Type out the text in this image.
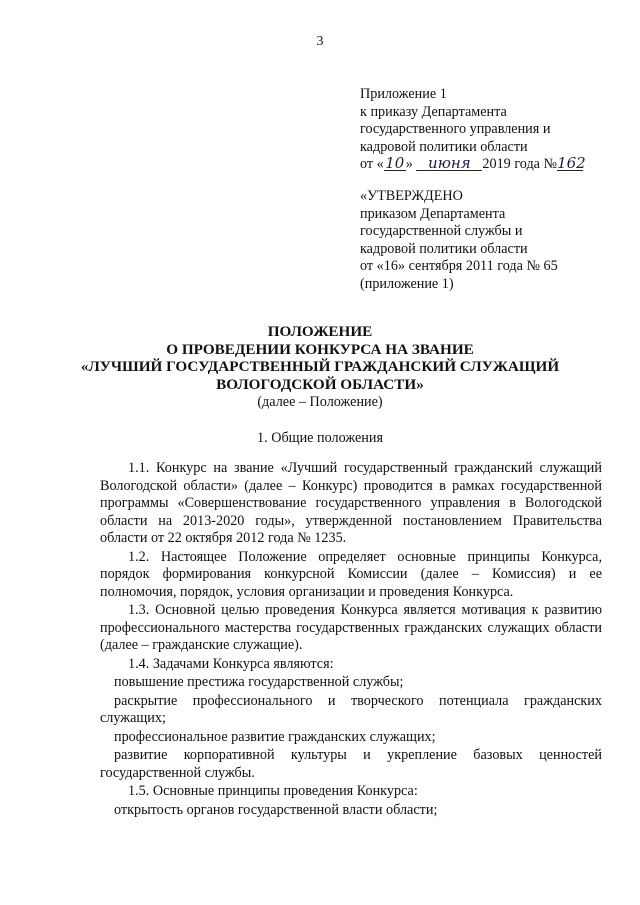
3
Приложение 1
к приказу Департамента
государственного управления и
кадровой политики области
от «10» июня 2019 года №162
«УТВЕРЖДЕНО
приказом Департамента
государственной службы и
кадровой политики области
от «16» сентября 2011 года № 65
(приложение 1)
ПОЛОЖЕНИЕ
О ПРОВЕДЕНИИ КОНКУРСА НА ЗВАНИЕ
«ЛУЧШИЙ ГОСУДАРСТВЕННЫЙ ГРАЖДАНСКИЙ СЛУЖАЩИЙ
ВОЛОГОДСКОЙ ОБЛАСТИ»
(далее – Положение)
1. Общие положения

1.1. Конкурс на звание «Лучший государственный гражданский служащий Вологодской области» (далее – Конкурс) проводится в рамках государственной программы «Совершенствование государственного управления в Вологодской области на 2013-2020 годы», утвержденной постановлением Правительства области от 22 октября 2012 года № 1235.

1.2. Настоящее Положение определяет основные принципы Конкурса, порядок формирования конкурсной Комиссии (далее – Комиссия) и ее полномочия, порядок, условия организации и проведения Конкурса.

1.3. Основной целью проведения Конкурса является мотивация к развитию профессионального мастерства государственных гражданских служащих области (далее – гражданские служащие).

1.4. Задачами Конкурса являются:

повышение престижа государственной службы;

раскрытие профессионального и творческого потенциала гражданских служащих;

профессиональное развитие гражданских служащих;

развитие корпоративной культуры и укрепление базовых ценностей государственной службы.

1.5. Основные принципы проведения Конкурса:

открытость органов государственной власти области;
